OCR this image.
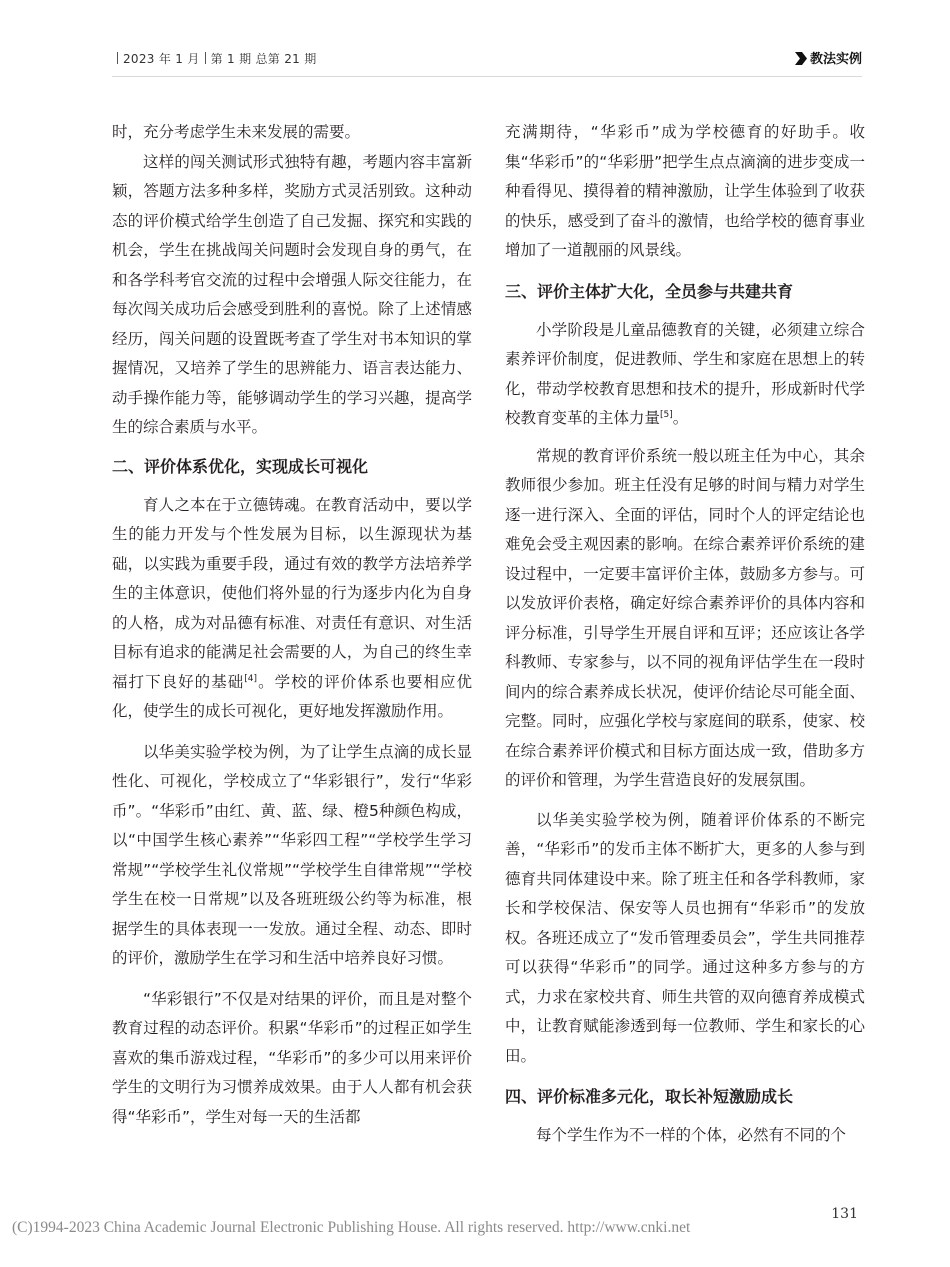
2023 年 1 月 第 1 期 总第 21 期	教法实例

时，充分考虑学生未来发展的需要。

这样的闯关测试形式独特有趣，考题内容丰富新颖，答题方法多种多样，奖励方式灵活别致。这种动态的评价模式给学生创造了自己发掘、探究和实践的机会，学生在挑战闯关问题时会发现自身的勇气，在和各学科考官交流的过程中会增强人际交往能力，在每次闯关成功后会感受到胜利的喜悦。除了上述情感经历，闯关问题的设置既考查了学生对书本知识的掌握情况，又培养了学生的思辨能力、语言表达能力、动手操作能力等，能够调动学生的学习兴趣，提高学生的综合素质与水平。

二、评价体系优化，实现成长可视化

育人之本在于立德铸魂。在教育活动中，要以学生的能力开发与个性发展为目标，以生源现状为基础，以实践为重要手段，通过有效的教学方法培养学生的主体意识，使他们将外显的行为逐步内化为自身的人格，成为对品德有标准、对责任有意识、对生活目标有追求的能满足社会需要的人，为自己的终生幸福打下良好的基础[4]。学校的评价体系也要相应优化，使学生的成长可视化，更好地发挥激励作用。

以华美实验学校为例，为了让学生点滴的成长显性化、可视化，学校成立了“华彩银行”，发行“华彩币”。“华彩币”由红、黄、蓝、绿、橙5种颜色构成，以“中国学生核心素养”“华彩四工程”“学校学生学习常规”“学校学生礼仪常规”“学校学生自律常规”“学校学生在校一日常规”以及各班班级公约等为标准，根据学生的具体表现一一发放。通过全程、动态、即时的评价，激励学生在学习和生活中培养良好习惯。

“华彩银行”不仅是对结果的评价，而且是对整个教育过程的动态评价。积累“华彩币”的过程正如学生喜欢的集币游戏过程，“华彩币”的多少可以用来评价学生的文明行为习惯养成效果。由于人人都有机会获得“华彩币”，学生对每一天的生活都

充满期待，“华彩币”成为学校德育的好助手。收集“华彩币”的“华彩册”把学生点点滴滴的进步变成一种看得见、摸得着的精神激励，让学生体验到了收获的快乐，感受到了奋斗的激情，也给学校的德育事业增加了一道靓丽的风景线。

三、评价主体扩大化，全员参与共建共育

小学阶段是儿童品德教育的关键，必须建立综合素养评价制度，促进教师、学生和家庭在思想上的转化，带动学校教育思想和技术的提升，形成新时代学校教育变革的主体力量[5]。

常规的教育评价系统一般以班主任为中心，其余教师很少参加。班主任没有足够的时间与精力对学生逐一进行深入、全面的评估，同时个人的评定结论也难免会受主观因素的影响。在综合素养评价系统的建设过程中，一定要丰富评价主体，鼓励多方参与。可以发放评价表格，确定好综合素养评价的具体内容和评分标准，引导学生开展自评和互评；还应该让各学科教师、专家参与，以不同的视角评估学生在一段时间内的综合素养成长状况，使评价结论尽可能全面、完整。同时，应强化学校与家庭间的联系，使家、校在综合素养评价模式和目标方面达成一致，借助多方的评价和管理，为学生营造良好的发展氛围。

以华美实验学校为例，随着评价体系的不断完善，“华彩币”的发币主体不断扩大，更多的人参与到德育共同体建设中来。除了班主任和各学科教师，家长和学校保洁、保安等人员也拥有“华彩币”的发放权。各班还成立了“发币管理委员会”，学生共同推荐可以获得“华彩币”的同学。通过这种多方参与的方式，力求在家校共育、师生共管的双向德育养成模式中，让教育赋能渗透到每一位教师、学生和家长的心田。

四、评价标准多元化，取长补短激励成长

每个学生作为不一样的个体，必然有不同的个

131
(C)1994-2023 China Academic Journal Electronic Publishing House. All rights reserved. http://www.cnki.net
